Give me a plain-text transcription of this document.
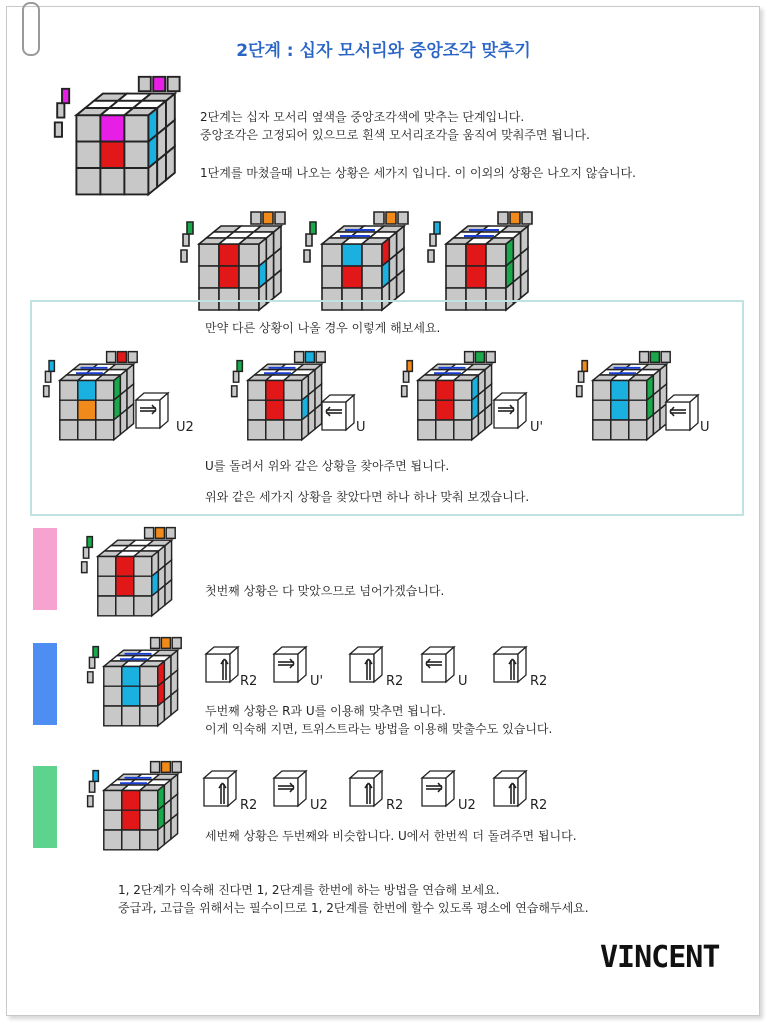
2단계 : 십자 모서리와 중앙조각 맞추기
2단계는 십자 모서리 옆색을 중앙조각색에 맞추는 단계입니다.
중앙조각은 고정되어 있으므로 흰색 모서리조각을 움직여 맞춰주면 됩니다.
1단계를 마쳤을때 나오는 상황은 세가지 입니다. 이 이외의 상황은 나오지 않습니다.
만약 다른 상황이 나올 경우 이렇게 해보세요.
U2	U	U'	U
U를 돌려서 위와 같은 상황을 찾아주면 됩니다.
위와 같은 세가지 상황을 찾았다면 하나 하나 맞춰 보겠습니다.
첫번째 상황은 다 맞았으므로 넘어가겠습니다.
R2	U'	R2	U	R2
두번째 상황은 R과 U를 이용해 맞추면 됩니다.
이게 익숙해 지면, 트위스트라는 방법을 이용해 맞출수도 있습니다.
R2	U2	R2	U2	R2
세번째 상황은 두번째와 비슷합니다. U에서 한번씩 더 돌려주면 됩니다.
1, 2단계가 익숙해 진다면 1, 2단계를 한번에 하는 방법을 연습해 보세요.
중급과, 고급을 위해서는 필수이므로 1, 2단계를 한번에 할수 있도록 평소에 연습해두세요.
VINCENT
